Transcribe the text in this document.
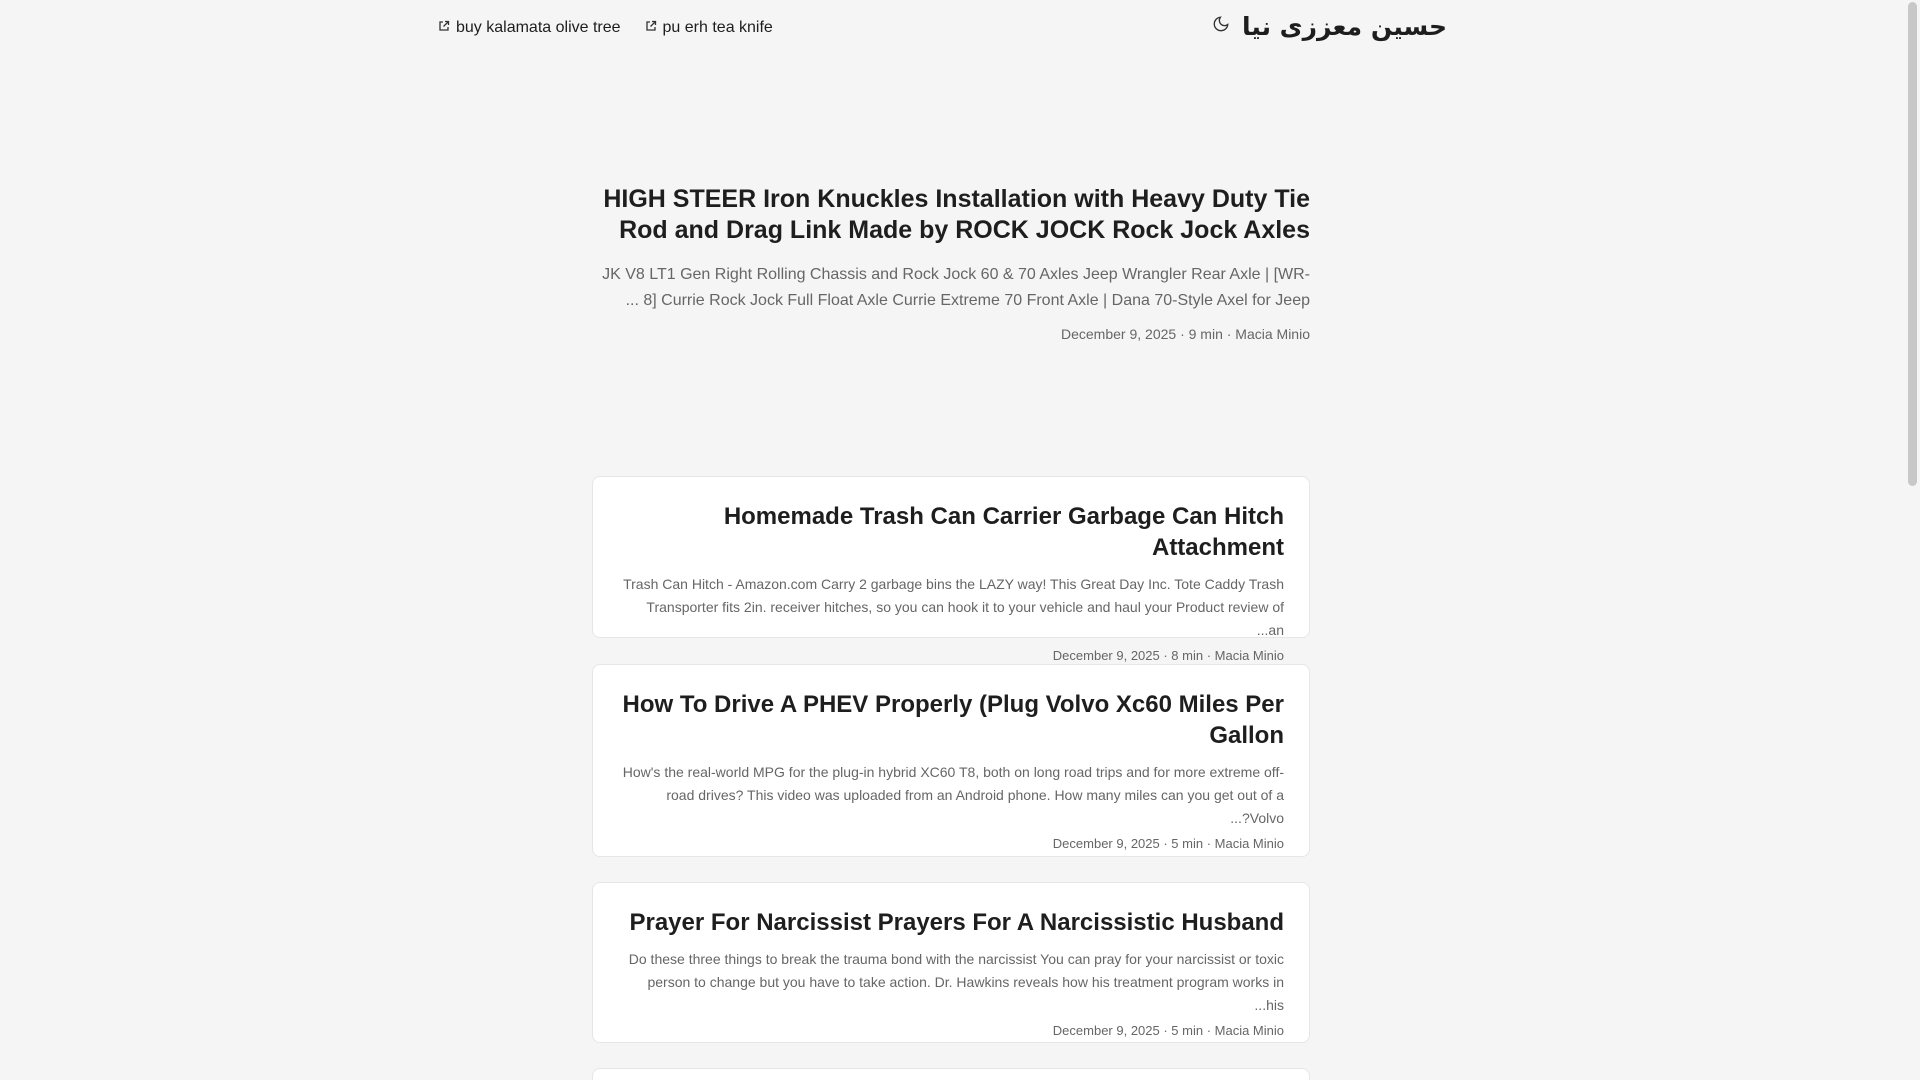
buy kalamata olive tree	pu erh tea knife	حسین معززی نیا
HIGH STEER Iron Knuckles Installation with Heavy Duty Tie Rod and Drag Link Made by ROCK JOCK Rock Jock Axles

JK V8 LT1 Gen Right Rolling Chassis and Rock Jock 60 & 70 Axles Jeep Wrangler Rear Axle | [WR-8] Currie Rock Jock Full Float Axle Currie Extreme 70 Front Axle | Dana 70-Style Axel for Jeep ...

December 9, 2025 · 9 min · Macia Minio
Homemade Trash Can Carrier Garbage Can Hitch Attachment

Trash Can Hitch - Amazon.com Carry 2 garbage bins the LAZY way! This Great Day Inc. Tote Caddy Trash Transporter fits 2in. receiver hitches, so you can hook it to your vehicle and haul your Product review of an...

December 9, 2025 · 8 min · Macia Minio
How To Drive A PHEV Properly (Plug Volvo Xc60 Miles Per Gallon

How's the real-world MPG for the plug-in hybrid XC60 T8, both on long road trips and for more extreme off-road drives? This video was uploaded from an Android phone. How many miles can you get out of a Volvo?...

December 9, 2025 · 5 min · Macia Minio
Prayer For Narcissist Prayers For A Narcissistic Husband

Do these three things to break the trauma bond with the narcissist You can pray for your narcissist or toxic person to change but you have to take action. Dr. Hawkins reveals how his treatment program works in his...

December 9, 2025 · 5 min · Macia Minio
